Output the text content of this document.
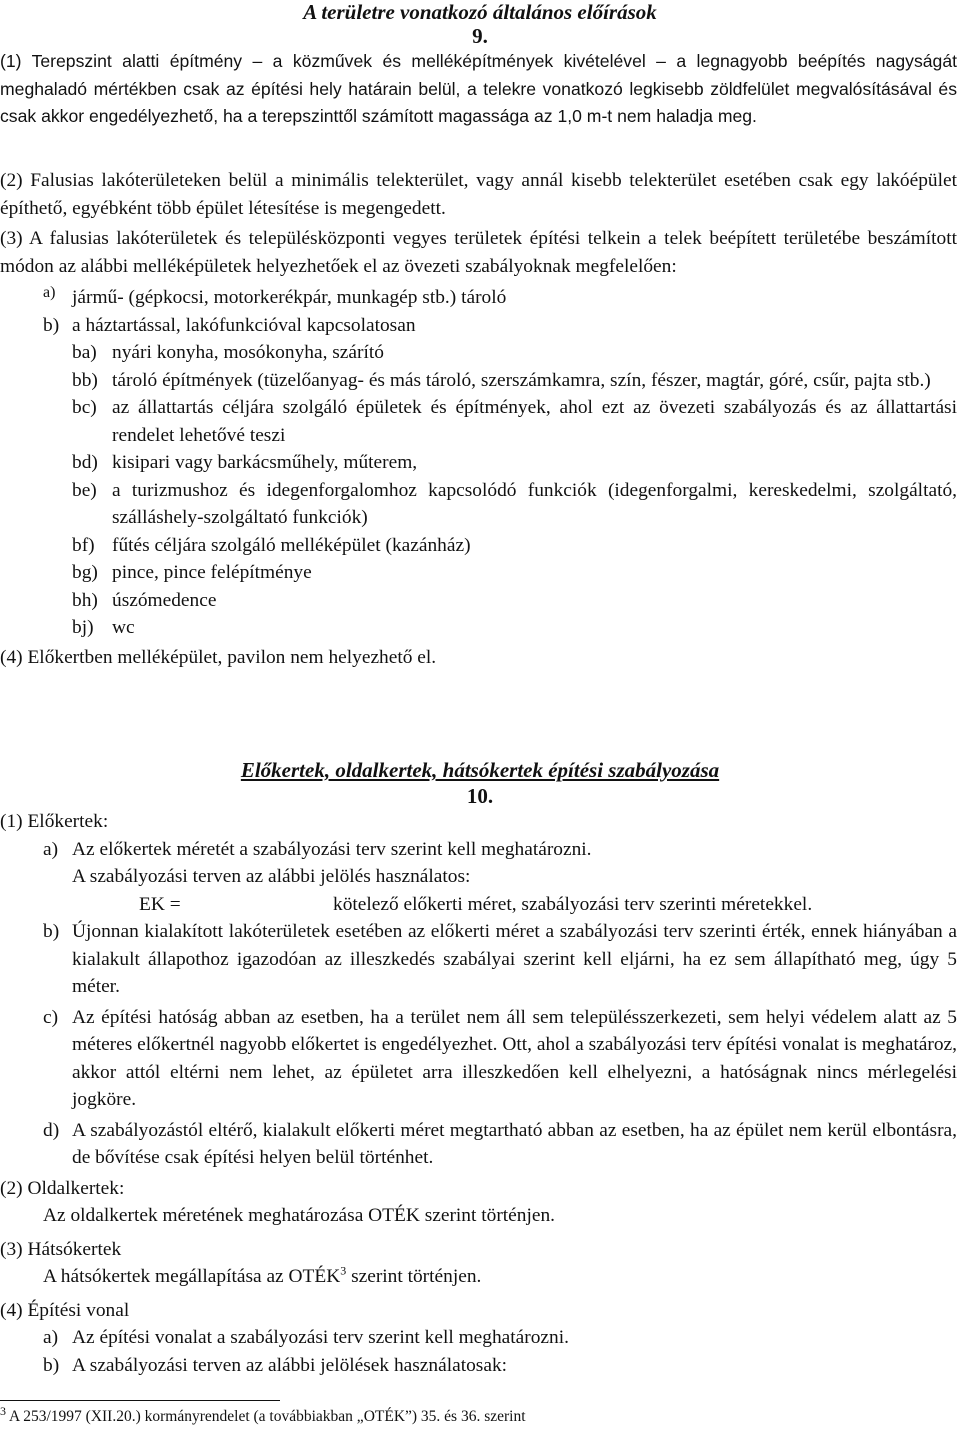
A területre vonatkozó általános előírások
9.

(1) Terepszint alatti építmény – a közművek és melléképítmények kivételével – a legnagyobb beépítés nagyságát meghaladó mértékben csak az építési hely határain belül, a telekre vonatkozó legkisebb zöldfelület megvalósításával és csak akkor engedélyezhető, ha a terepszinttől számított magassága az 1,0 m-t nem haladja meg.

(2) Falusias lakóterületeken belül a minimális telekterület, vagy annál kisebb telekterület esetében csak egy lakóépület építhető, egyébként több épület létesítése is megengedett.

(3) A falusias lakóterületek és településközponti vegyes területek építési telkein a telek beépített területébe beszámított módon az alábbi melléképületek helyezhetőek el az övezeti szabályoknak megfelelően:

a) jármű- (gépkocsi, motorkerékpár, munkagép stb.) tároló
b) a háztartással, lakófunkcióval kapcsolatosan
ba) nyári konyha, mosókonyha, szárító
bb) tároló építmények (tüzelőanyag- és más tároló, szerszámkamra, szín, fészer, magtár, góré, csűr, pajta stb.)
bc) az állattartás céljára szolgáló épületek és építmények, ahol ezt az övezeti szabályozás és az állattartási rendelet lehetővé teszi
bd) kisipari vagy barkácsműhely, műterem,
be) a turizmushoz és idegenforgalomhoz kapcsolódó funkciók (idegenforgalmi, kereskedelmi, szolgáltató, szálláshely-szolgáltató funkciók)
bf) fűtés céljára szolgáló melléképület (kazánház)
bg) pince, pince felépítménye
bh) úszómedence
bj) wc

(4) Előkertben melléképület, pavilon nem helyezhető el.

Előkertek, oldalkertek, hátsókertek építési szabályozása
10.

(1) Előkertek:

a) Az előkertek méretét a szabályozási terv szerint kell meghatározni.

A szabályozási terven az alábbi jelölés használatos:

EK =	kötelező előkerti méret, szabályozási terv szerinti méretekkel.
b) Újonnan kialakított lakóterületek esetében az előkerti méret a szabályozási terv szerinti érték, ennek hiányában a kialakult állapothoz igazodóan az illeszkedés szabályai szerint kell eljárni, ha ez sem állapítható meg, úgy 5 méter.
c) Az építési hatóság abban az esetben, ha a terület nem áll sem településszerkezeti, sem helyi védelem alatt az 5 méteres előkertnél nagyobb előkertet is engedélyezhet. Ott, ahol a szabályozási terv építési vonalat is meghatároz, akkor attól eltérni nem lehet, az épületet arra illeszkedően kell elhelyezni, a hatóságnak nincs mérlegelési jogköre.
d) A szabályozástól eltérő, kialakult előkerti méret megtartható abban az esetben, ha az épület nem kerül elbontásra, de bővítése csak építési helyen belül történhet.

(2) Oldalkertek:

Az oldalkertek méretének meghatározása OTÉK szerint történjen.

(3) Hátsókertek

A hátsókertek megállapítása az OTÉK$^3$ szerint történjen.

(4) Építési vonal

a) Az építési vonalat a szabályozási terv szerint kell meghatározni.
b) A szabályozási terven az alábbi jelölések használatosak:
$^3$ A 253/1997 (XII.20.) kormányrendelet (a továbbiakban „OTÉK”) 35. és 36. szerint
